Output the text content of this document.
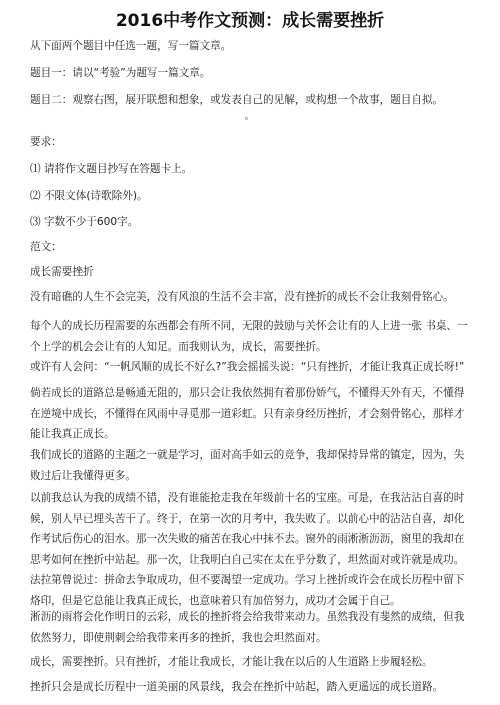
2016中考作文预测：成长需要挫折
从下面两个题目中任选一题，写一篇文章。
题目一：请以“考验”为题写一篇文章。
题目二：观察右图，展开联想和想象，或发表自己的见解，或构想一个故事，题目自拟。
要求：
⑴ 请将作文题目抄写在答题卡上。
⑵ 不限文体(诗歌除外)。
⑶ 字数不少于600字。
范文：
成长需要挫折
没有暗礁的人生不会完美，没有风浪的生活不会丰富，没有挫折的成长不会让我刻骨铭心。
每个人的成长历程需要的东西都会有所不同，无限的鼓励与关怀会让有的人上进一张 书桌、一个上学的机会会让有的人知足。而我则认为，成长，需要挫折。
或许有人会问：“一帆风顺的成长不好么?”我会摇摇头说：“只有挫折，才能让我真正成长呀!”
倘若成长的道路总是畅通无阻的，那只会让我依然拥有着那份娇气，不懂得天外有天，不懂得在逆境中成长，不懂得在风雨中寻觅那一道彩虹。只有亲身经历挫折，才会刻骨铭心，那样才能让我真正成长。
我们成长的道路的主题之一就是学习，面对高手如云的竞争，我却保持异常的镇定，因为，失败过后让我懂得更多。
以前我总认为我的成绩不错，没有谁能抢走我在年级前十名的宝座。可是，在我沾沾自喜的时候，别人早已埋头苦干了。终于，在第一次的月考中，我失败了。以前心中的沾沾自喜，却化作考试后伤心的泪水。那一次失败的痛苦在我心中抹不去。窗外的雨淅淅沥沥，窗里的我却在思考如何在挫折中站起。那一次，让我明白自己实在太在乎分数了，坦然面对或许就是成功。法拉第曾说过：拼命去争取成功，但不要渴望一定成功。学习上挫折或许会在成长历程中留下烙印，但是它总能让我真正成长，也意味着只有加倍努力，成功才会属于自己。
淅沥的雨将会化作明日的云彩，成长的挫折将会给我带来动力。虽然我没有斐然的成绩，但我依然努力，即使荆刺会给我带来再多的挫折，我也会坦然面对。
成长，需要挫折。只有挫折，才能让我成长，才能让我在以后的人生道路上步履轻松。
挫折只会是成长历程中一道美丽的风景线，我会在挫折中站起，踏入更遥远的成长道路。
